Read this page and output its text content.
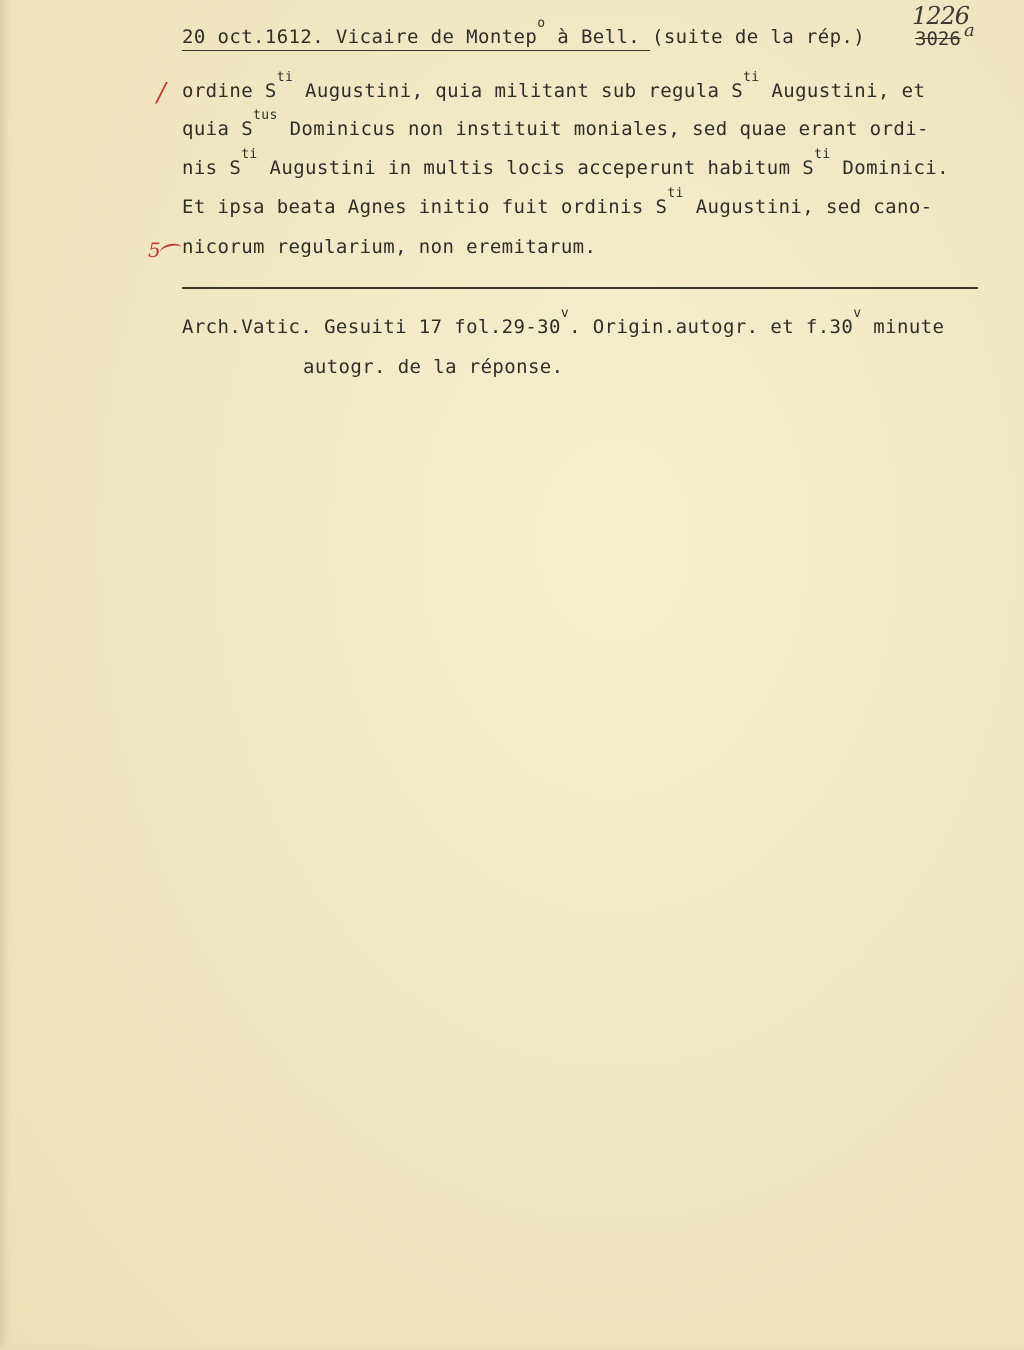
20 oct.1612. Vicaire de Montep$^o$ à Bell. (suite de la rép.)
1226
a
3026
/
5
ordine $S^{ti}$ Augustini, quia militant sub regula $S^{ti}$ Augustini, et
quia $S^{tus}$ Dominicus non instituit moniales, sed quae erant ordi-
nis $S^{ti}$ Augustini in multis locis acceperunt habitum $S^{ti}$ Dominici.
Et ipsa beata Agnes initio fuit ordinis $S^{ti}$ Augustini, sed cano-
nicorum regularium, non eremitarum.
Arch.Vatic. Gesuiti 17 fol.29-30$^v$. Origin.autogr. et f.30$^v$ minute
autogr. de la réponse.
